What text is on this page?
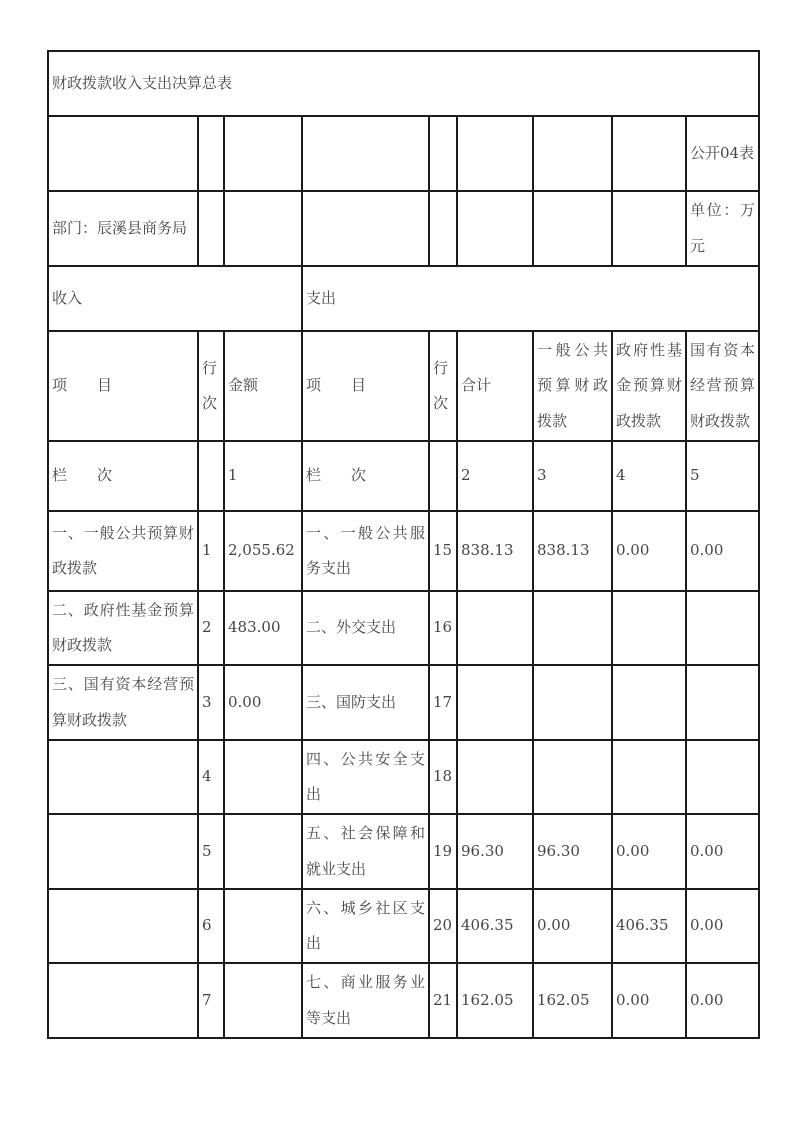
财政拨款收入支出决算总表								
								公开04表
部门：辰溪县商务局								单位：万元
收入			支出					
项　　目	行次	金额	项　　目	行次	合计	一般公共预算财政拨款	政府性基金预算财政拨款	国有资本经营预算财政拨款
栏　　次		1	栏　　次		2	3	4	5
一、一般公共预算财政拨款	1	2,055.62	一、一般公共服务支出	15	838.13	838.13	0.00	0.00
二、政府性基金预算财政拨款	2	483.00	二、外交支出	16				
三、国有资本经营预算财政拨款	3	0.00	三、国防支出	17				
	4		四、公共安全支出	18				
	5		五、社会保障和就业支出	19	96.30	96.30	0.00	0.00
	6		六、城乡社区支出	20	406.35	0.00	406.35	0.00
	7		七、商业服务业等支出	21	162.05	162.05	0.00	0.00
